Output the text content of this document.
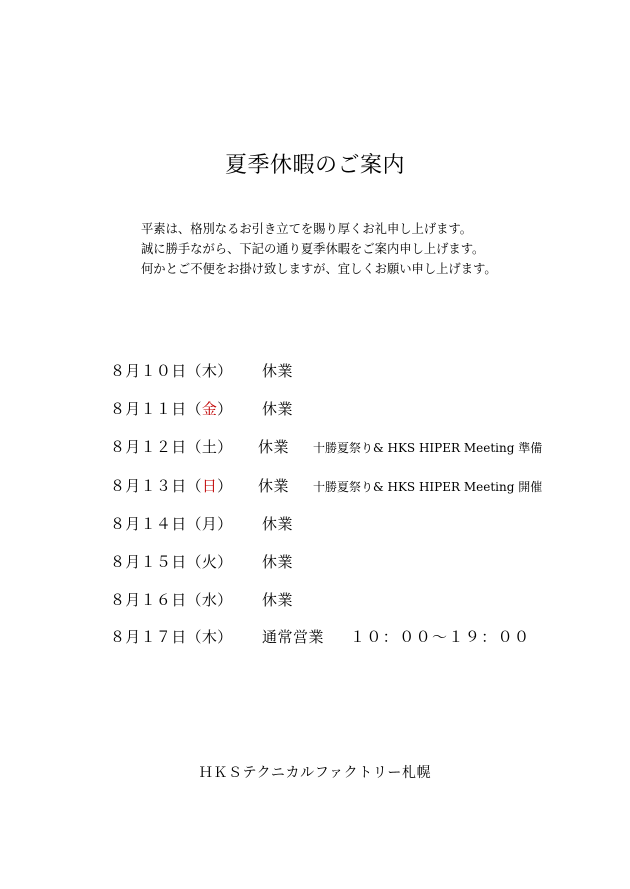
夏季休暇のご案内
平素は、格別なるお引き立てを賜り厚くお礼申し上げます。
誠に勝手ながら、下記の通り夏季休暇をご案内申し上げます。
何かとご不便をお掛け致しますが、宜しくお願い申し上げます。
８月１０日（木） 休業
８月１１日（金） 休業
８月１２日（土） 休業 十勝夏祭り& HKS HIPER Meeting 準備
８月１３日（日） 休業 十勝夏祭り& HKS HIPER Meeting 開催
８月１４日（月） 休業
８月１５日（火） 休業
８月１６日（水） 休業
８月１７日（木） 通常営業 １０：００〜１９：００
ＨＫＳテクニカルファクトリー札幌
